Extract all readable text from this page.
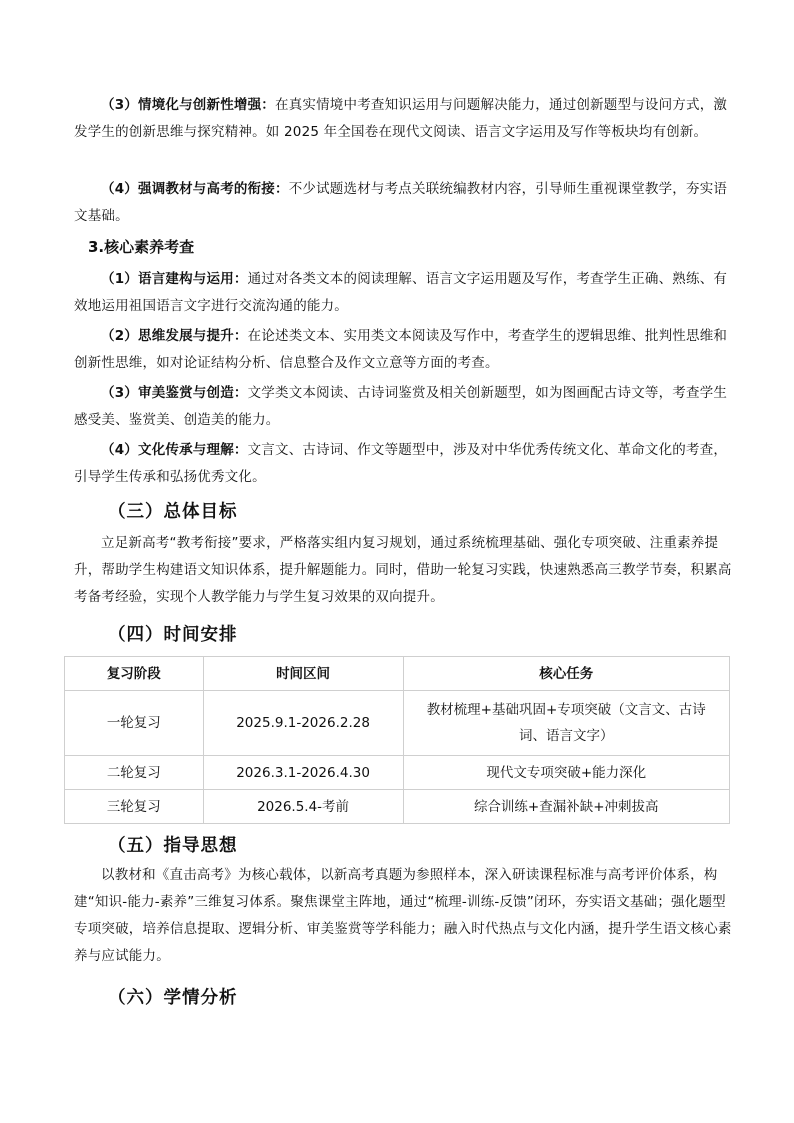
（3）情境化与创新性增强：在真实情境中考查知识运用与问题解决能力，通过创新题型与设问方式，激发学生的创新思维与探究精神。如 2025 年全国卷在现代文阅读、语言文字运用及写作等板块均有创新。

（4）强调教材与高考的衔接：不少试题选材与考点关联统编教材内容，引导师生重视课堂教学，夯实语文基础。

3.核心素养考查

（1）语言建构与运用：通过对各类文本的阅读理解、语言文字运用题及写作，考查学生正确、熟练、有效地运用祖国语言文字进行交流沟通的能力。

（2）思维发展与提升：在论述类文本、实用类文本阅读及写作中，考查学生的逻辑思维、批判性思维和创新性思维，如对论证结构分析、信息整合及作文立意等方面的考查。

（3）审美鉴赏与创造：文学类文本阅读、古诗词鉴赏及相关创新题型，如为图画配古诗文等，考查学生感受美、鉴赏美、创造美的能力。

（4）文化传承与理解：文言文、古诗词、作文等题型中，涉及对中华优秀传统文化、革命文化的考查，引导学生传承和弘扬优秀文化。

（三）总体目标

立足新高考“教考衔接”要求，严格落实组内复习规划，通过系统梳理基础、强化专项突破、注重素养提升，帮助学生构建语文知识体系，提升解题能力。同时，借助一轮复习实践，快速熟悉高三教学节奏，积累高考备考经验，实现个人教学能力与学生复习效果的双向提升。

（四）时间安排
复习阶段	时间区间	核心任务
一轮复习	2025.9.1-2026.2.28	教材梳理+基础巩固+专项突破（文言文、古诗词、语言文字）
二轮复习	2026.3.1-2026.4.30	现代文专项突破+能力深化
三轮复习	2026.5.4-考前	综合训练+查漏补缺+冲刺拔高
（五）指导思想

以教材和《直击高考》为核心载体，以新高考真题为参照样本，深入研读课程标准与高考评价体系，构建“知识-能力-素养”三维复习体系。聚焦课堂主阵地，通过“梳理-训练-反馈”闭环，夯实语文基础；强化题型专项突破，培养信息提取、逻辑分析、审美鉴赏等学科能力；融入时代热点与文化内涵，提升学生语文核心素养与应试能力。

（六）学情分析
